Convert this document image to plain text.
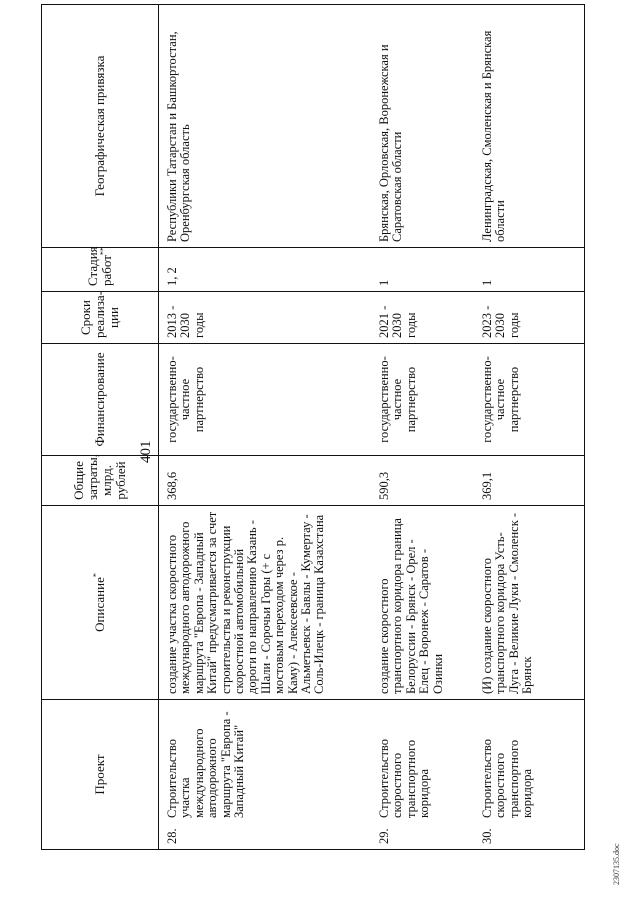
401
Проект	Описание*	Общие затраты, млрд. рублей	Финансирование	Сроки реализа-ции	Стадия работ**	Географическая привязка

28.
Строительство участка международного автодорожного маршрута "Европа - Западный Китай"	создание участка скоростного международного автодорожного маршрута "Европа - Западный Китай" предусматривается за счет строительства и реконструкции скоростной автомобильной дороги по направлению Казань - Шали - Сорочьи Горы (+ с мостовым переходом через р. Каму) - Алексеевское - Альметьевск - Бавлы - Кумертау - Соль-Илецк - граница Казахстана	368,6	государственно-частное партнерство	2013 - 2030 годы	1, 2	Республики Татарстан и Башкортостан, Оренбургская область

29.
Строительство скоростного транспортного коридора	создание скоростного транспортного коридора граница Белоруссии - Брянск - Орел - Елец - Воронеж - Саратов - Озинки	590,3	государственно-частное партнерство	2021 - 2030 годы	1	Брянская, Орловская, Воронежская и Саратовская области

30.
Строительство скоростного транспортного коридора	(И) создание скоростного транспортного коридора Усть-Луга - Великие Луки - Смоленск - Брянск	369,1	государственно-частное партнерство	2023 - 2030 годы	1	Ленинградская, Смоленская и Брянская области
2307135.doc
